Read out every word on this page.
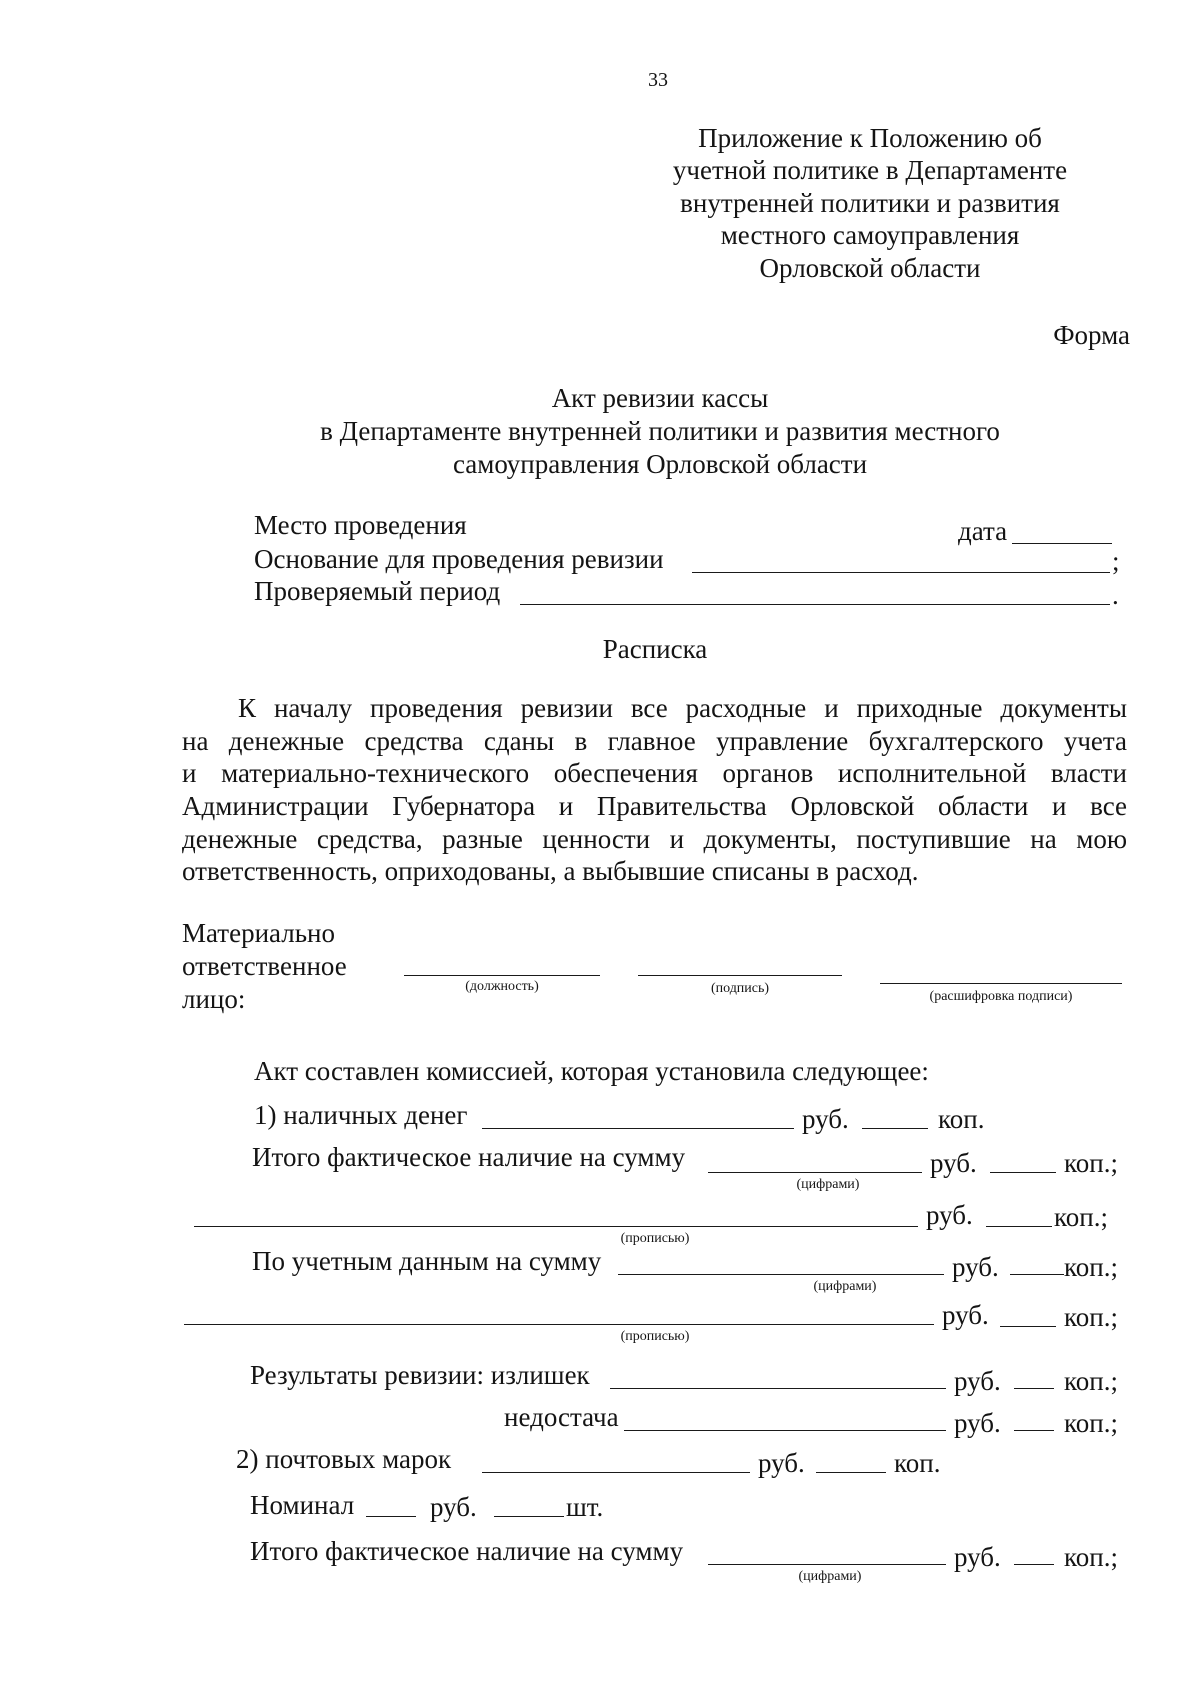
33
Приложение к Положению об
учетной политике в Департаменте
внутренней политики и развития
местного самоуправления
Орловской области
Форма
Акт ревизии кассы
в Департаменте внутренней политики и развития местного
самоуправления Орловской области
Место проведения	дата
Основание для проведения ревизии	;
Проверяемый период	.
Расписка
К началу проведения ревизии все расходные и приходные документы
на денежные средства сданы в главное управление бухгалтерского учета
и материально-технического обеспечения органов исполнительной власти
Администрации Губернатора и Правительства Орловской области и все
денежные средства, разные ценности и документы, поступившие на мою
ответственность, оприходованы, а выбывшие списаны в расход.
Материально
ответственное
лицо:	(должность)	(подпись)
(расшифровка подписи)
Акт составлен комиссией, которая установила следующее:
1) наличных денег	руб.	коп.
Итого фактическое наличие на сумму
(цифрами)
руб.	коп.;
(прописью)
руб.	коп.;
По учетным данным на сумму
(цифрами)
руб. коп.;
(прописью)
руб.	коп.;
Результаты ревизии: излишек	руб. коп.;
недостача	руб. коп.;
2) почтовых марок	руб.	коп.
Номинал	руб.	шт.
Итого фактическое наличие на сумму
(цифрами)
руб. коп.;
